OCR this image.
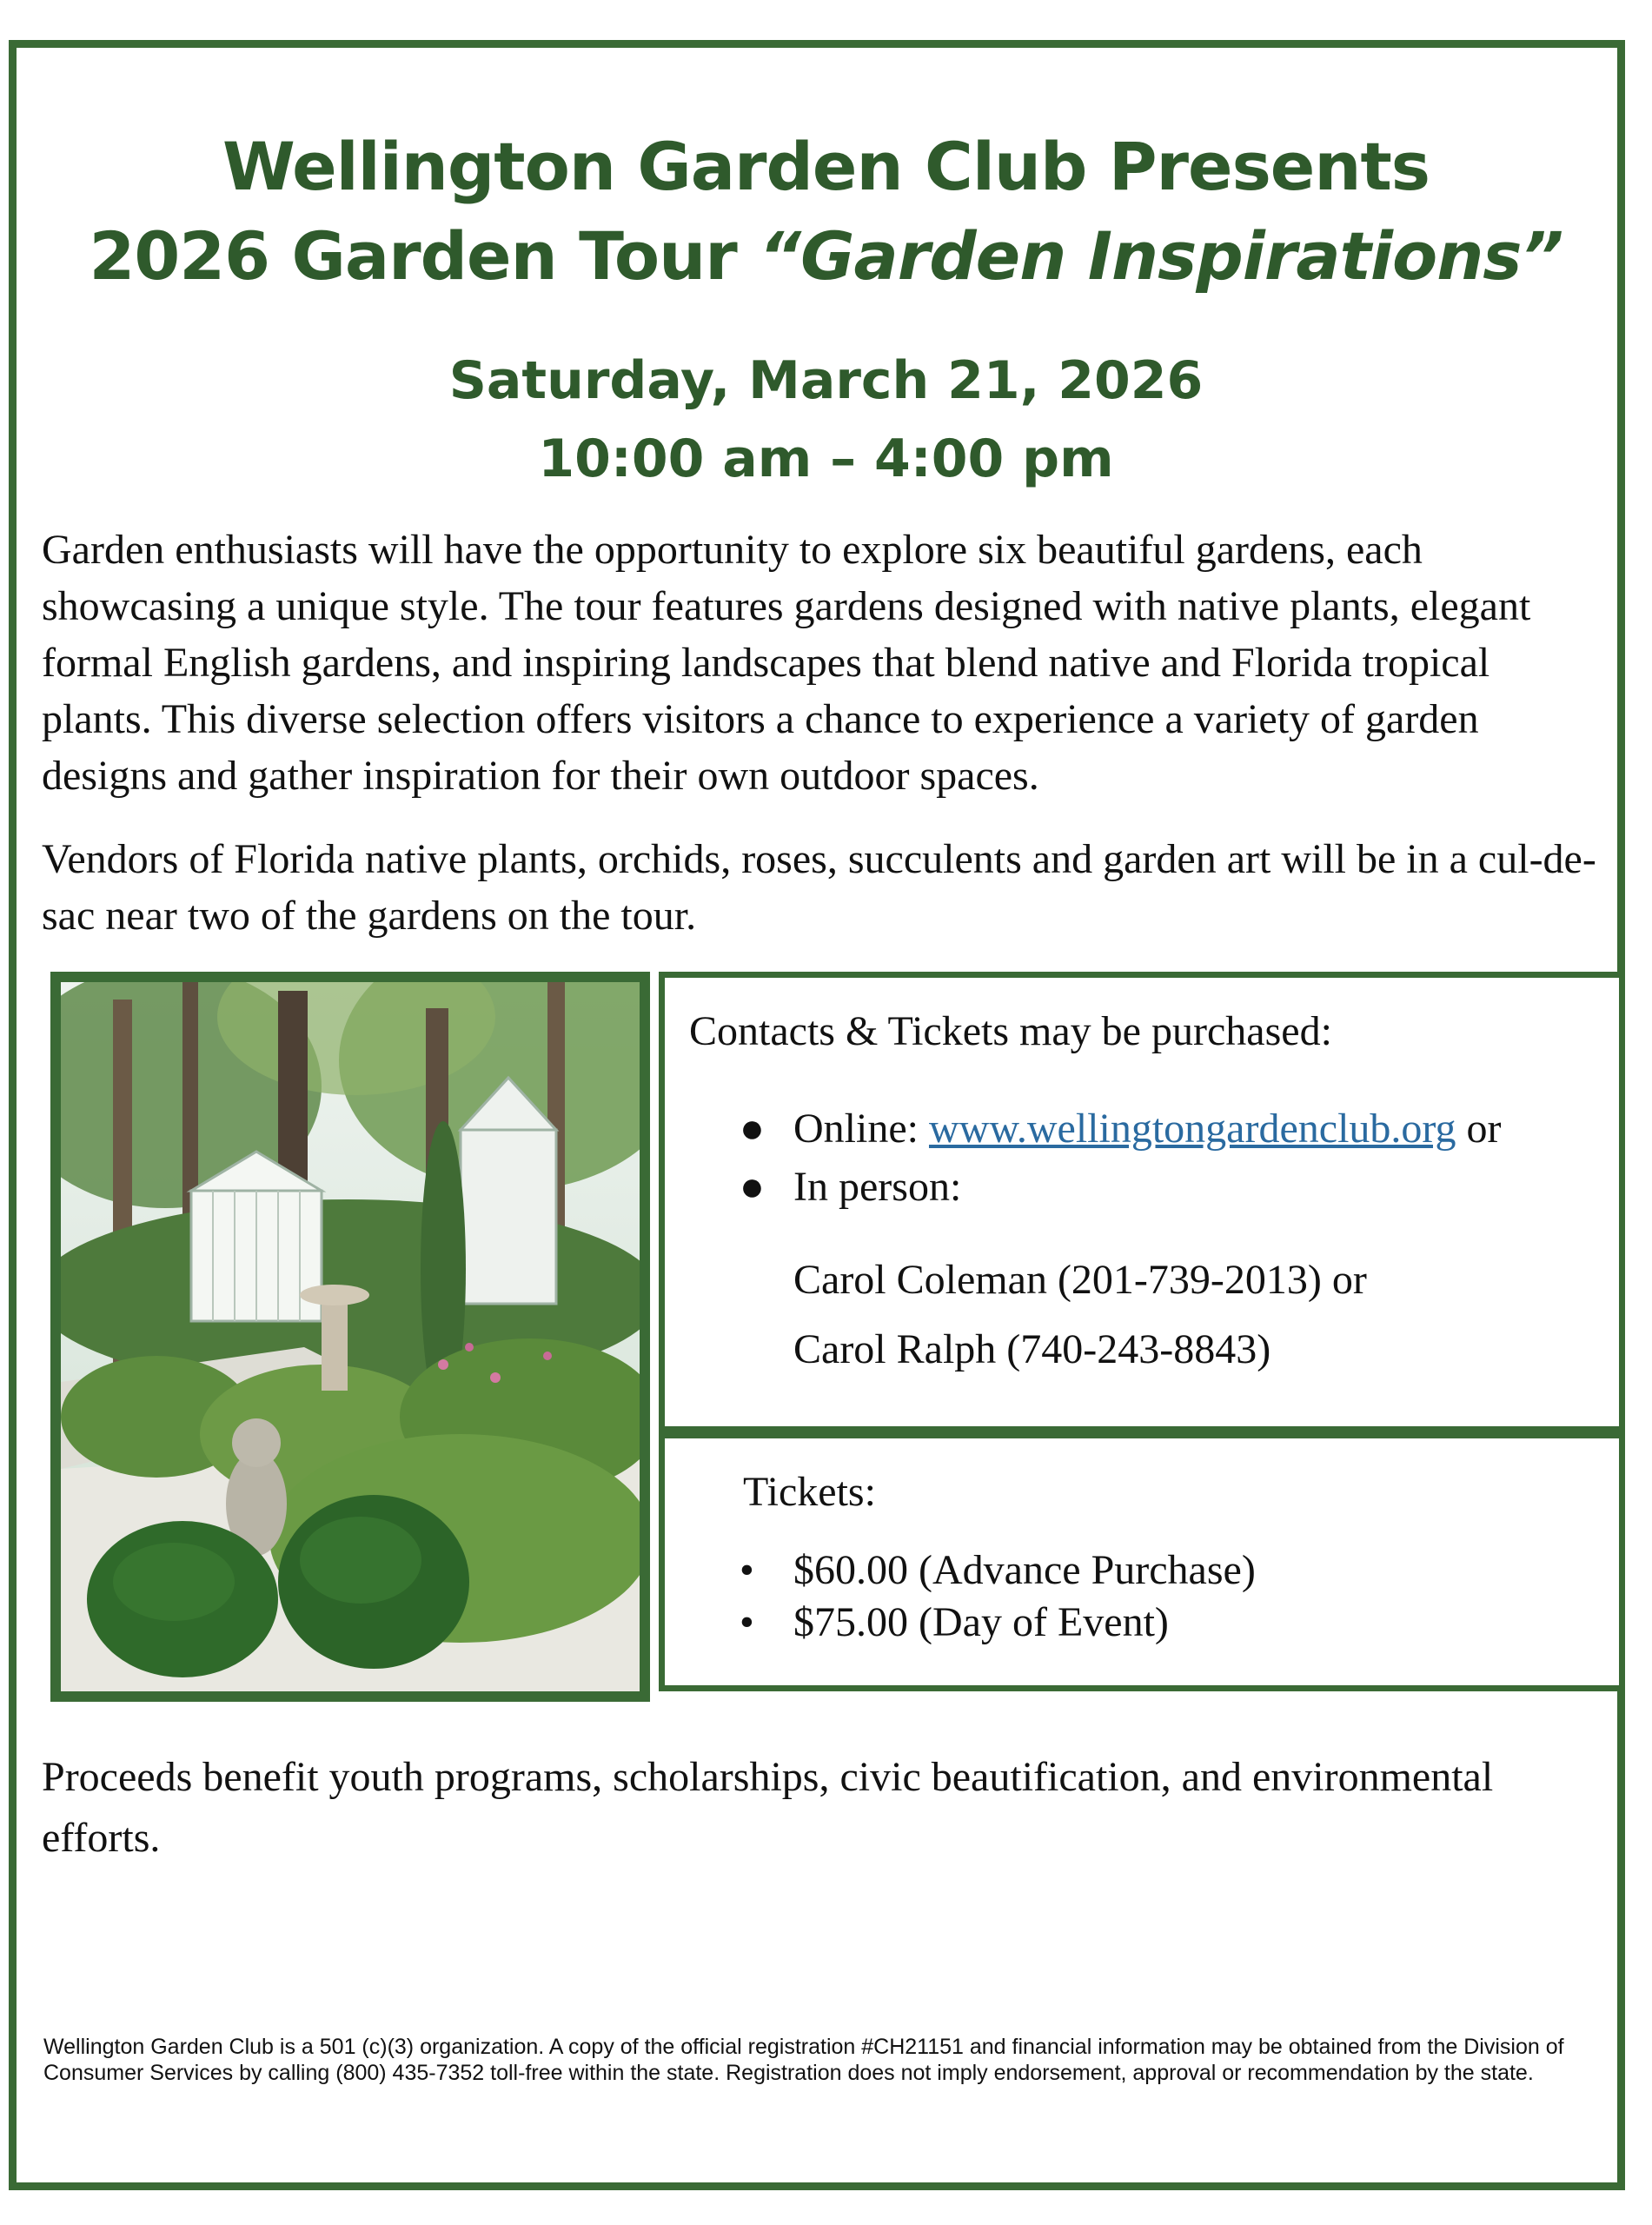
Wellington Garden Club Presents
2026 Garden Tour “Garden Inspirations”
Saturday, March 21, 2026
10:00 am – 4:00 pm
Garden enthusiasts will have the opportunity to explore six beautiful gardens, each showcasing a unique style. The tour features gardens designed with native plants, elegant formal English gardens, and inspiring landscapes that blend native and Florida tropical plants. This diverse selection offers visitors a chance to experience a variety of garden designs and gather inspiration for their own outdoor spaces.
Vendors of Florida native plants, orchids, roses, succulents and garden art will be in a cul-de-sac near two of the gardens on the tour.
Contacts & Tickets may be purchased:
● Online: www.wellingtongardenclub.org or
● In person:
Carol Coleman (201-739-2013) or
Carol Ralph (740-243-8843)
Tickets:
• $60.00 (Advance Purchase)
• $75.00 (Day of Event)
Proceeds benefit youth programs, scholarships, civic beautification, and environmental efforts.
Wellington Garden Club is a 501 (c)(3) organization. A copy of the official registration #CH21151 and financial information may be obtained from the Division of Consumer Services by calling (800) 435-7352 toll-free within the state. Registration does not imply endorsement, approval or recommendation by the state.
